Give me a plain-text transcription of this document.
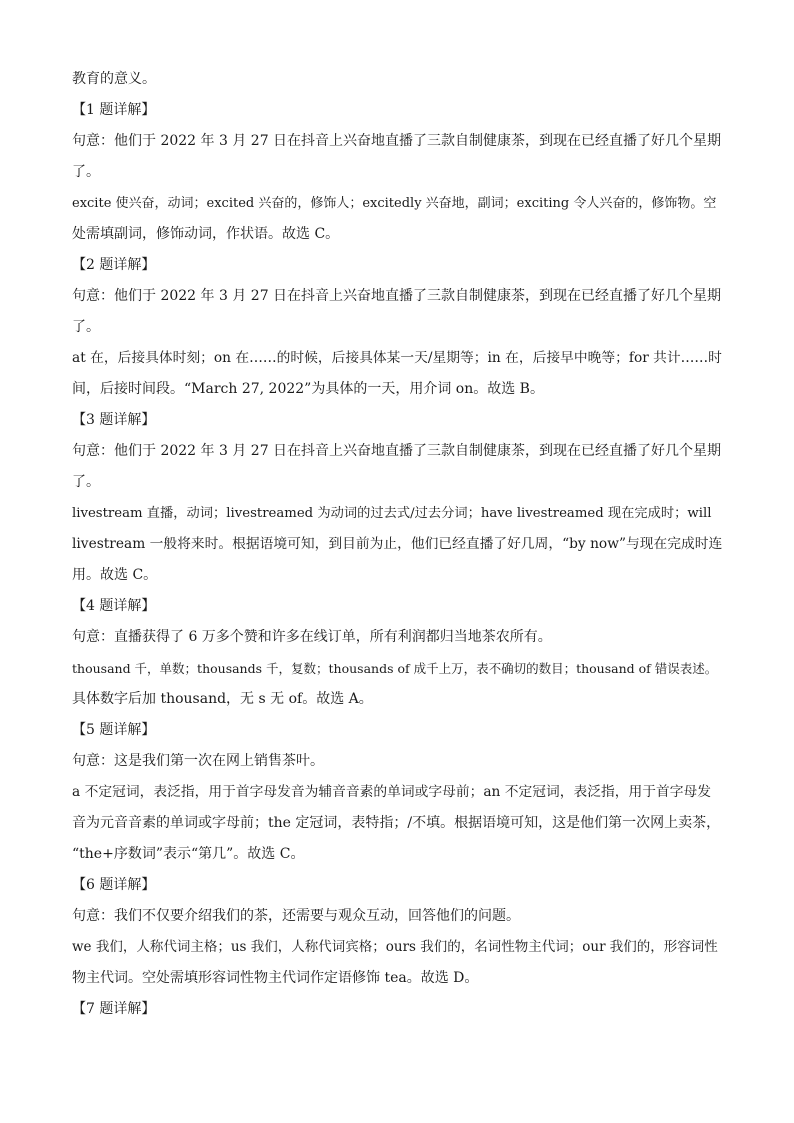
教育的意义。
【1 题详解】
句意：他们于 2022 年 3 月 27 日在抖音上兴奋地直播了三款自制健康茶，到现在已经直播了好几个星期
了。
excite 使兴奋，动词；excited 兴奋的，修饰人；excitedly 兴奋地，副词；exciting 令人兴奋的，修饰物。空
处需填副词，修饰动词，作状语。故选 C。
【2 题详解】
句意：他们于 2022 年 3 月 27 日在抖音上兴奋地直播了三款自制健康茶，到现在已经直播了好几个星期
了。
at 在，后接具体时刻；on 在……的时候，后接具体某一天/星期等；in 在，后接早中晚等；for 共计……时
间，后接时间段。“March 27, 2022”为具体的一天，用介词 on。故选 B。
【3 题详解】
句意：他们于 2022 年 3 月 27 日在抖音上兴奋地直播了三款自制健康茶，到现在已经直播了好几个星期
了。
livestream 直播，动词；livestreamed 为动词的过去式/过去分词；have livestreamed 现在完成时；will
livestream 一般将来时。根据语境可知，到目前为止，他们已经直播了好几周，“by now”与现在完成时连
用。故选 C。
【4 题详解】
句意：直播获得了 6 万多个赞和许多在线订单，所有利润都归当地茶农所有。
thousand 千，单数；thousands 千，复数；thousands of 成千上万，表不确切的数目；thousand of 错误表述。
具体数字后加 thousand，无 s 无 of。故选 A。
【5 题详解】
句意：这是我们第一次在网上销售茶叶。
a 不定冠词，表泛指，用于首字母发音为辅音音素的单词或字母前；an 不定冠词，表泛指，用于首字母发
音为元音音素的单词或字母前；the 定冠词，表特指；/不填。根据语境可知，这是他们第一次网上卖茶，
“the+序数词”表示“第几”。故选 C。
【6 题详解】
句意：我们不仅要介绍我们的茶，还需要与观众互动，回答他们的问题。
we 我们，人称代词主格；us 我们，人称代词宾格；ours 我们的，名词性物主代词；our 我们的，形容词性
物主代词。空处需填形容词性物主代词作定语修饰 tea。故选 D。
【7 题详解】
